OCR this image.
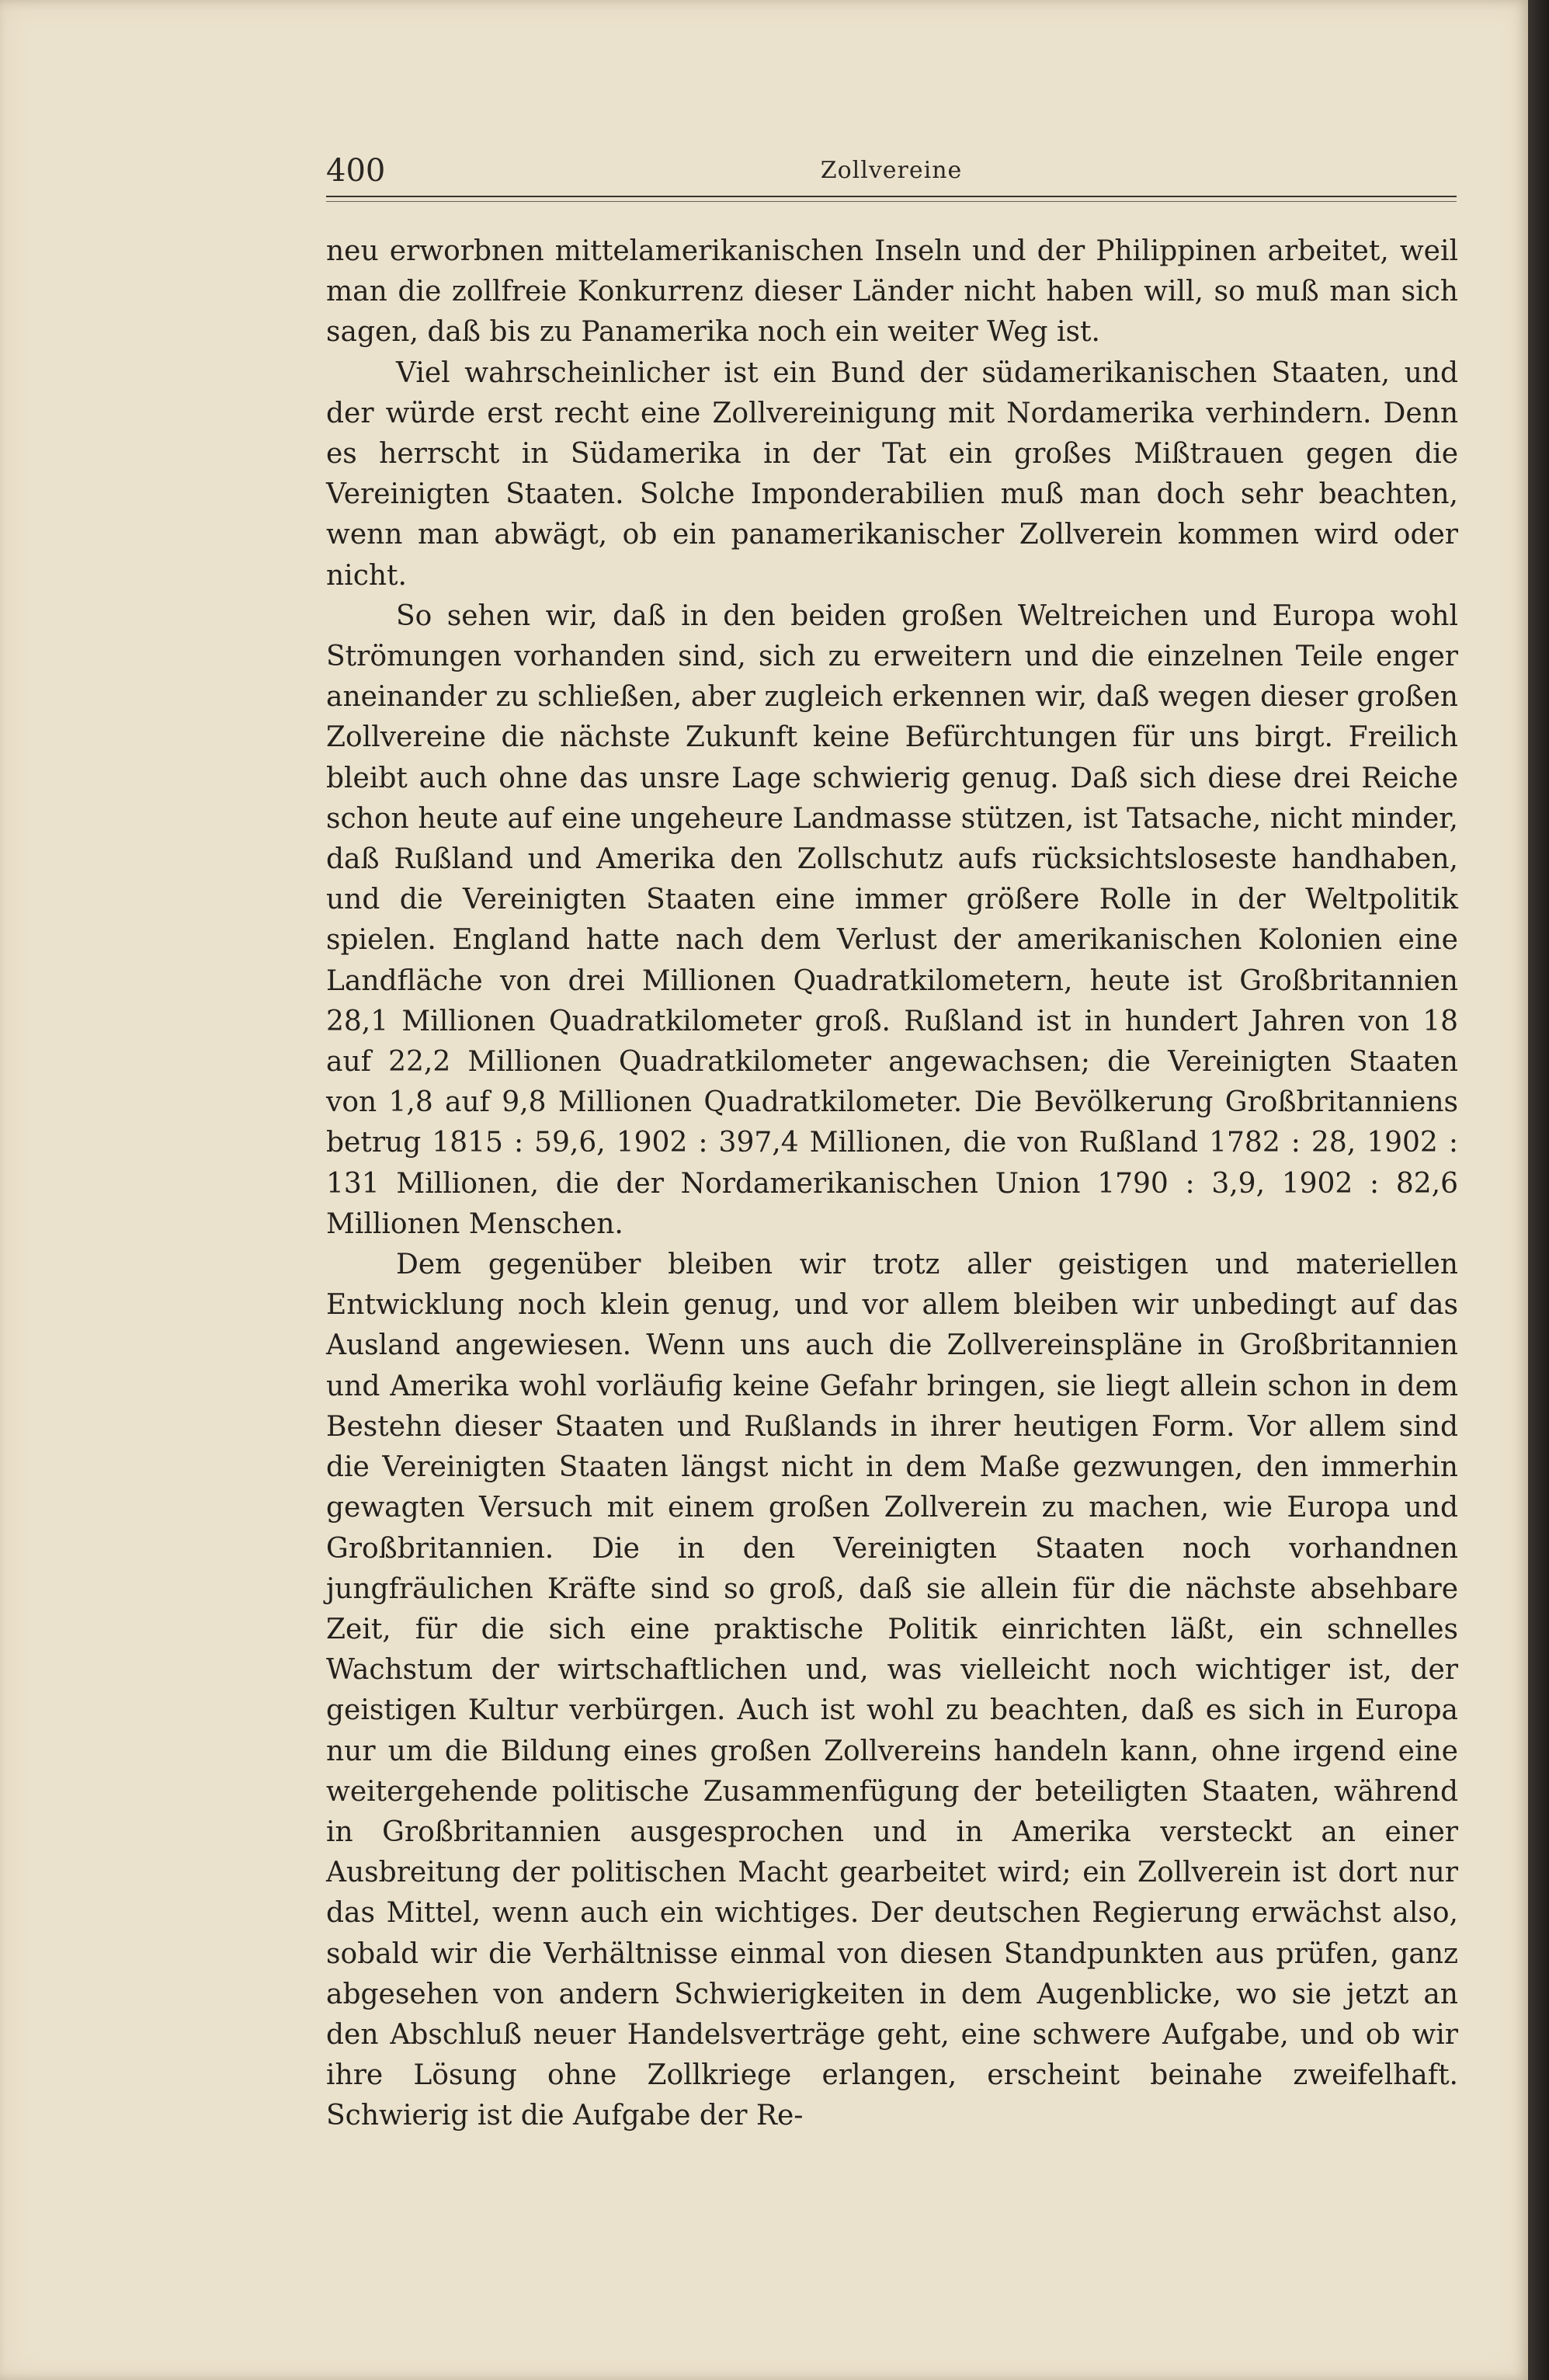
400	Zollvereine

neu erworbnen mittelamerikanischen Inseln und der Philippinen arbeitet, weil man die zollfreie Konkurrenz dieser Länder nicht haben will, so muß man sich sagen, daß bis zu Panamerika noch ein weiter Weg ist.

Viel wahrscheinlicher ist ein Bund der südamerikanischen Staaten, und der würde erst recht eine Zollvereinigung mit Nordamerika verhindern. Denn es herrscht in Südamerika in der Tat ein großes Mißtrauen gegen die Vereinigten Staaten. Solche Imponderabilien muß man doch sehr beachten, wenn man abwägt, ob ein panamerikanischer Zollverein kommen wird oder nicht.

So sehen wir, daß in den beiden großen Weltreichen und Europa wohl Strömungen vorhanden sind, sich zu erweitern und die einzelnen Teile enger aneinander zu schließen, aber zugleich erkennen wir, daß wegen dieser großen Zollvereine die nächste Zukunft keine Befürchtungen für uns birgt. Freilich bleibt auch ohne das unsre Lage schwierig genug. Daß sich diese drei Reiche schon heute auf eine ungeheure Landmasse stützen, ist Tatsache, nicht minder, daß Rußland und Amerika den Zollschutz aufs rücksichtsloseste handhaben, und die Vereinigten Staaten eine immer größere Rolle in der Weltpolitik spielen. England hatte nach dem Verlust der amerikanischen Kolonien eine Landfläche von drei Millionen Quadratkilometern, heute ist Großbritannien 28,1 Millionen Quadratkilometer groß. Rußland ist in hundert Jahren von 18 auf 22,2 Millionen Quadratkilometer angewachsen; die Vereinigten Staaten von 1,8 auf 9,8 Millionen Quadratkilometer. Die Bevölkerung Großbritanniens betrug 1815 : 59,6, 1902 : 397,4 Millionen, die von Rußland 1782 : 28, 1902 : 131 Millionen, die der Nordamerikanischen Union 1790 : 3,9, 1902 : 82,6 Millionen Menschen.

Dem gegenüber bleiben wir trotz aller geistigen und materiellen Entwicklung noch klein genug, und vor allem bleiben wir unbedingt auf das Ausland angewiesen. Wenn uns auch die Zollvereinspläne in Großbritannien und Amerika wohl vorläufig keine Gefahr bringen, sie liegt allein schon in dem Bestehn dieser Staaten und Rußlands in ihrer heutigen Form. Vor allem sind die Vereinigten Staaten längst nicht in dem Maße gezwungen, den immerhin gewagten Versuch mit einem großen Zollverein zu machen, wie Europa und Großbritannien. Die in den Vereinigten Staaten noch vorhandnen jungfräulichen Kräfte sind so groß, daß sie allein für die nächste absehbare Zeit, für die sich eine praktische Politik einrichten läßt, ein schnelles Wachstum der wirtschaftlichen und, was vielleicht noch wichtiger ist, der geistigen Kultur verbürgen. Auch ist wohl zu beachten, daß es sich in Europa nur um die Bildung eines großen Zollvereins handeln kann, ohne irgend eine weitergehende politische Zusammenfügung der beteiligten Staaten, während in Großbritannien ausgesprochen und in Amerika versteckt an einer Ausbreitung der politischen Macht gearbeitet wird; ein Zollverein ist dort nur das Mittel, wenn auch ein wichtiges. Der deutschen Regierung erwächst also, sobald wir die Verhältnisse einmal von diesen Standpunkten aus prüfen, ganz abgesehen von andern Schwierigkeiten in dem Augenblicke, wo sie jetzt an den Abschluß neuer Handelsverträge geht, eine schwere Aufgabe, und ob wir ihre Lösung ohne Zollkriege erlangen, erscheint beinahe zweifelhaft. Schwierig ist die Aufgabe der Re-
